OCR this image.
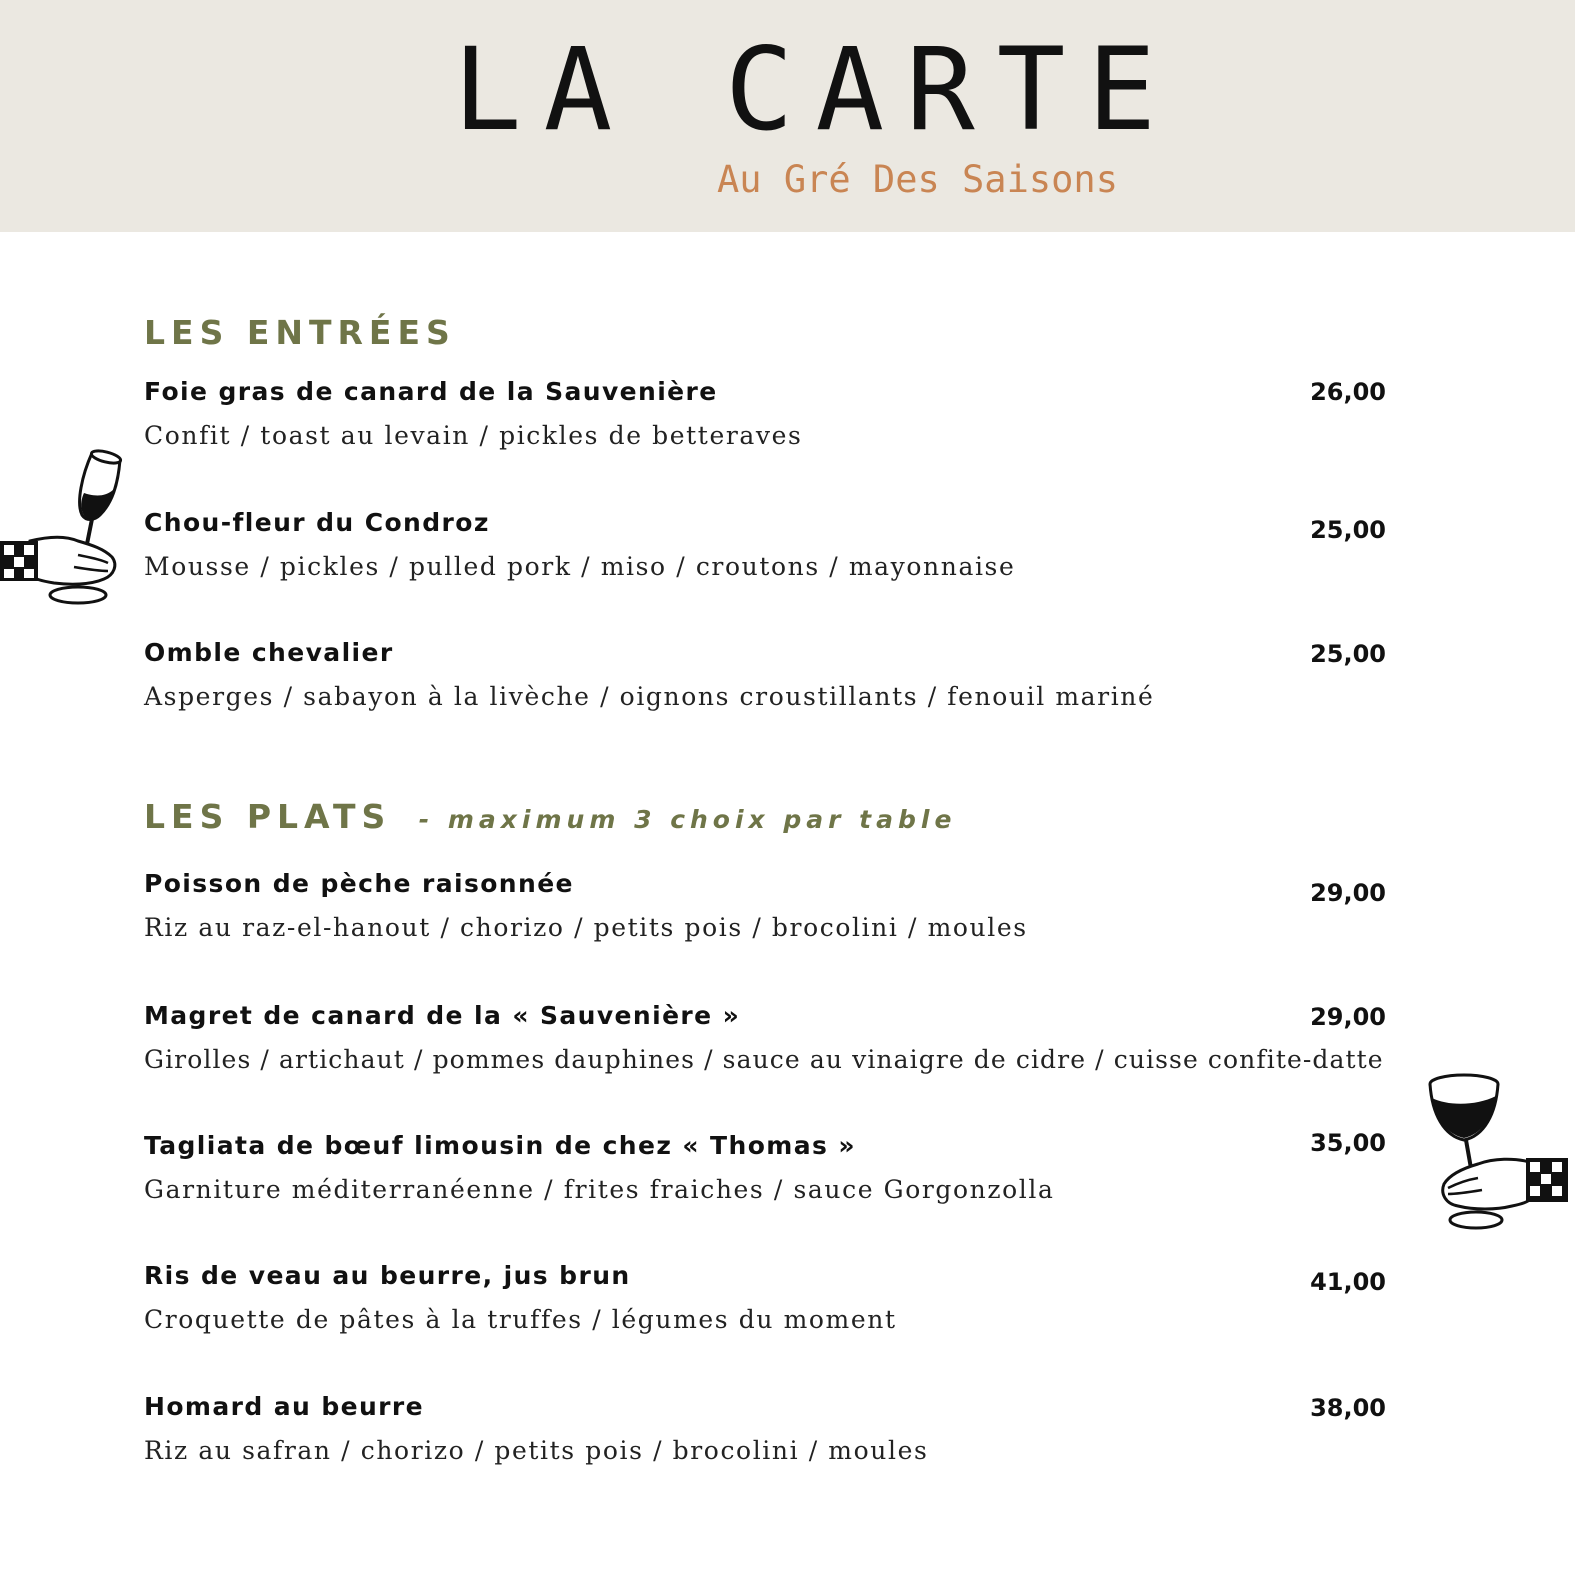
LA CARTE

Au Gré Des Saisons

LES ENTRÉES

Foie gras de canard de la Sauvenière

Confit / toast au levain / pickles de betteraves

26,00

Chou-fleur du Condroz

Mousse / pickles / pulled pork / miso / croutons / mayonnaise

25,00

Omble chevalier

Asperges / sabayon à la livèche / oignons croustillants / fenouil mariné

25,00

LES PLATS - maximum 3 choix par table

Poisson de pèche raisonnée

Riz au raz-el-hanout / chorizo / petits pois / brocolini / moules

29,00

Magret de canard de la « Sauvenière »

Girolles / artichaut / pommes dauphines / sauce au vinaigre de cidre / cuisse confite-datte

29,00

Tagliata de bœuf limousin de chez « Thomas »

Garniture méditerranéenne / frites fraiches / sauce Gorgonzolla

35,00

Ris de veau au beurre, jus brun

Croquette de pâtes à la truffes / légumes du moment

41,00

Homard au beurre

Riz au safran / chorizo / petits pois / brocolini / moules

38,00
